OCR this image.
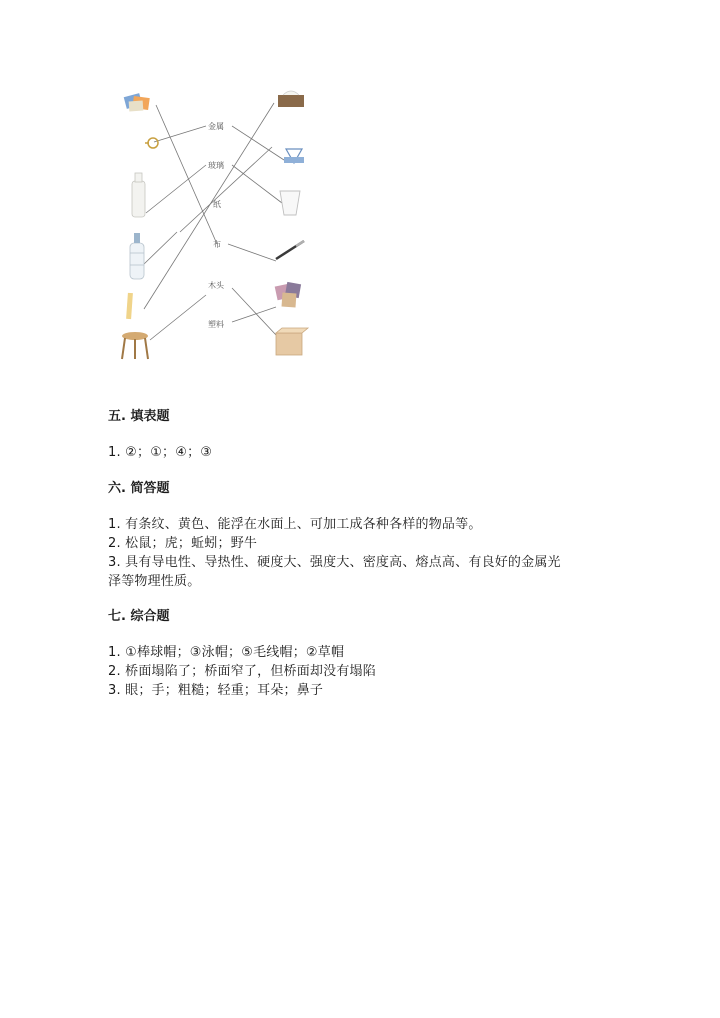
金属
玻璃
纸
布
木头
塑料
五. 填表题
1. ②；①；④；③
六. 简答题
1. 有条纹、黄色、能浮在水面上、可加工成各种各样的物品等。
2. 松鼠；虎；蚯蚓；野牛
3. 具有导电性、导热性、硬度大、强度大、密度高、熔点高、有良好的金属光
泽等物理性质。
七. 综合题
1. ①棒球帽；③泳帽；⑤毛线帽；②草帽
2. 桥面塌陷了；桥面窄了，但桥面却没有塌陷
3. 眼；手；粗糙；轻重；耳朵；鼻子
